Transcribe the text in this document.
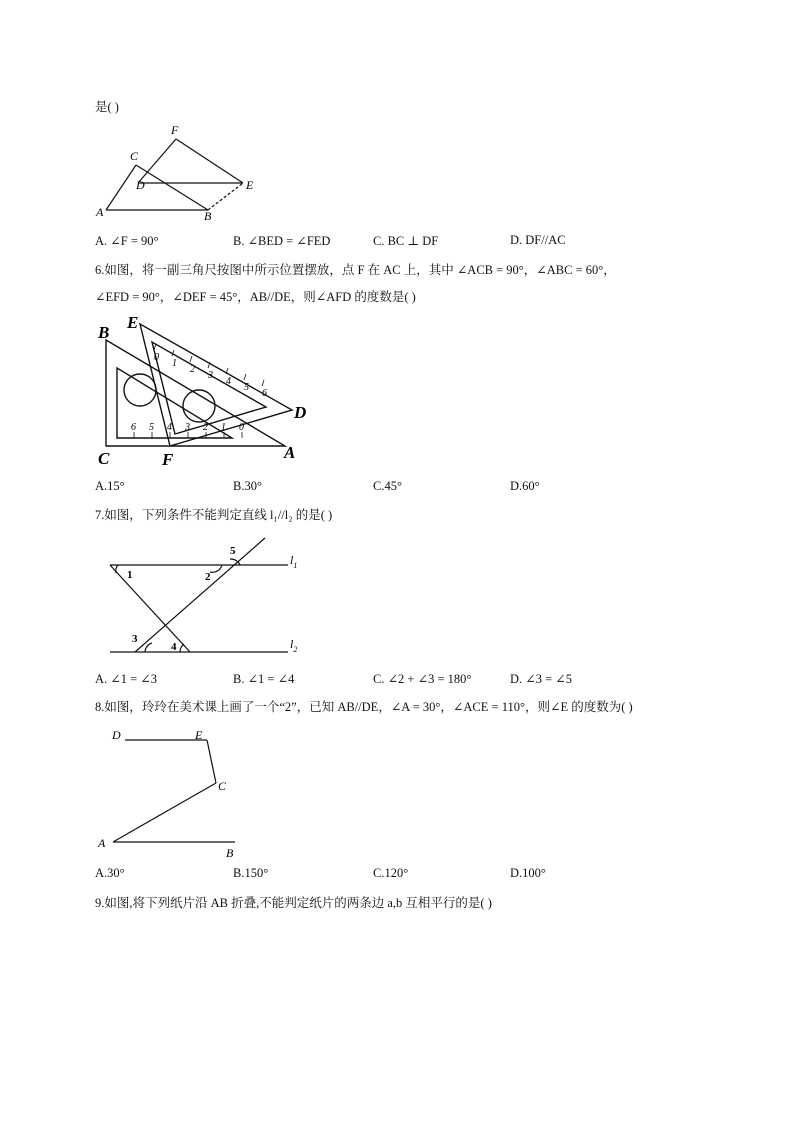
是( )
A	B
C
D	E
F
A. ∠F = 90°	B. ∠BED = ∠FED	C. BC ⊥ DF	D. DF//AC
6.如图，将一副三角尺按图中所示位置摆放，点 F 在 AC 上，其中 ∠ACB = 90°，∠ABC = 60°，
∠EFD = 90°，∠DEF = 45°，AB//DE，则∠AFD 的度数是( )
0
1
2
3
4
5
6
6 5 4 3 2 1 0
B
C	A
E
D
F
A.15°	B.30°	C.45°	D.60°
7.如图，下列条件不能判定直线 l₁//l₂ 的是( )
1	2
3
4
5
$l_1$
$l_2$
A. ∠1 = ∠3	B. ∠1 = ∠4	C. ∠2 + ∠3 = 180°	D. ∠3 = ∠5
8.如图，玲玲在美术课上画了一个“2”，已知 AB//DE，∠A = 30°，∠ACE = 110°，则∠E 的度数为( )
D	E
C
A
B
A.30°	B.150°	C.120°	D.100°
9.如图,将下列纸片沿 AB 折叠,不能判定纸片的两条边 a,b 互相平行的是( )
